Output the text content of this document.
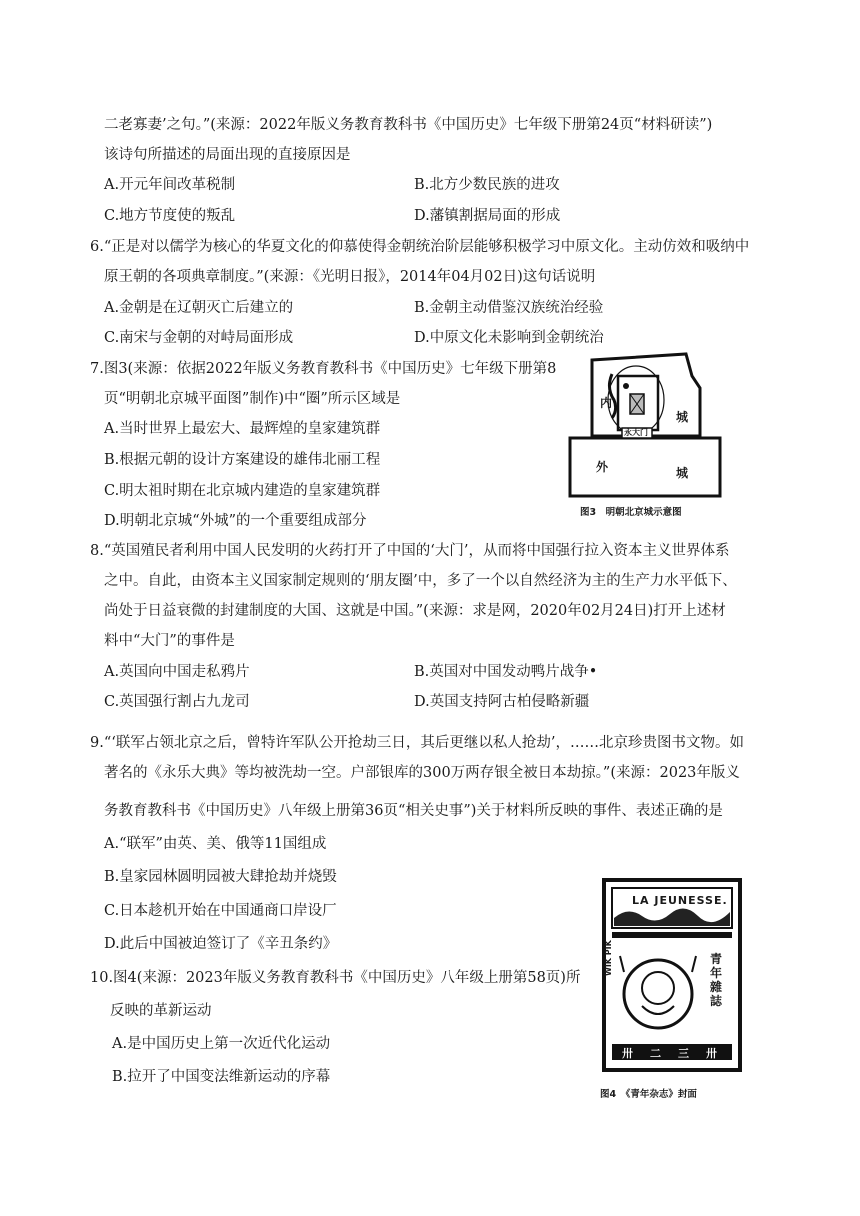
二老寡妻’之句。”(来源：2022年版义务教育教科书《中国历史》七年级下册第24页“材料研读”)
该诗句所描述的局面出现的直接原因是
A.开元年间改革税制	B.北方少数民族的进攻
C.地方节度使的叛乱	D.藩镇割据局面的形成
6.“正是对以儒学为核心的华夏文化的仰慕使得金朝统治阶层能够积极学习中原文化。主动仿效和吸纳中
原王朝的各项典章制度。”(来源：《光明日报》，2014年04月02日)这句话说明
A.金朝是在辽朝灭亡后建立的	B.金朝主动借鉴汉族统治经验
C.南宋与金朝的对峙局面形成	D.中原文化未影响到金朝统治
7.图3(来源：依据2022年版义务教育教科书《中国历史》七年级下册第8
页“明朝北京城平面图”制作)中“圈”所示区域是
A.当时世界上最宏大、最辉煌的皇家建筑群
B.根据元朝的设计方案建设的雄伟北丽工程
C.明太祖时期在北京城内建造的皇家建筑群
D.明朝北京城“外城”的一个重要组成部分
内
城
永大门
外	城
图3　明朝北京城示意图
8.“英国殖民者利用中国人民发明的火药打开了中国的‘大门’，从而将中国强行拉入资本主义世界体系
之中。自此，由资本主义国家制定规则的‘朋友圈’中，多了一个以自然经济为主的生产力水平低下、
尚处于日益衰微的封建制度的大国、这就是中国。”(来源：求是网，2020年02月24日)打开上述材
料中“大门”的事件是
A.英国向中国走私鸦片	B.英国对中国发动鸭片战争•
C.英国强行割占九龙司	D.英国支持阿古柏侵略新疆
9.“‘联军占领北京之后，曾特许军队公开抢劫三日，其后更继以私人抢劫’，……北京珍贵图书文物。如
著名的《永乐大典》等均被洗劫一空。户部银库的300万两存银全被日本劫掠。”(来源：2023年版义
务教育教科书《中国历史》八年级上册第36页“相关史事”)关于材料所反映的事件、表述正确的是
A.“联军”由英、美、俄等11国组成
B.皇家园林圆明园被大肆抢劫并烧毁
C.日本趁机开始在中国通商口岸设厂
D.此后中国被迫签订了《辛丑条约》
LA JEUNESSE.
青年雜誌
WIK PIK
卅 二 三 卅
图4　《青年杂志》封面
10.图4(来源：2023年版义务教育教科书《中国历史》八年级上册第58页)所
反映的革新运动
A.是中国历史上第一次近代化运动
B.拉开了中国变法维新运动的序幕
